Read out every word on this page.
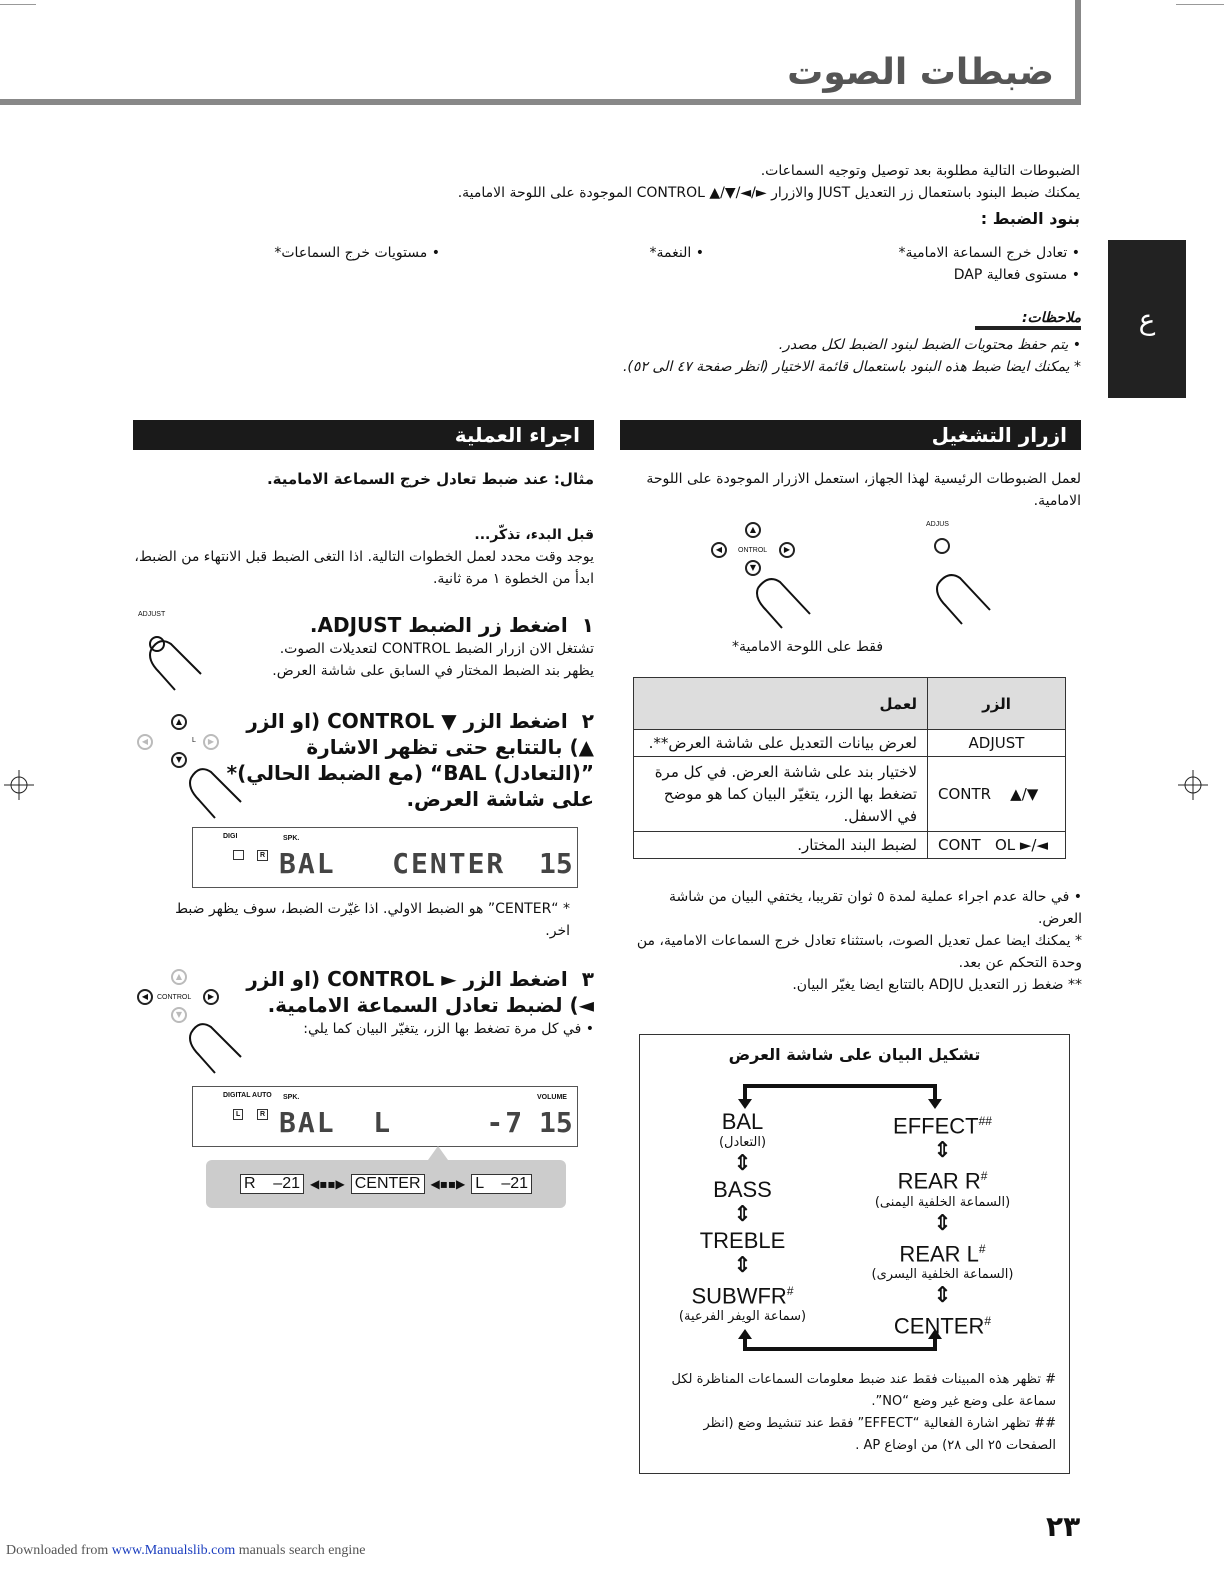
ضبطات الصوت
ع
الضبوطات التالية مطلوبة بعد توصيل وتوجيه السماعات.
يمكنك ضبط البنود باستعمال زر التعديل JUST والازرار ►/◄/▼/▲ CONTROL الموجودة على اللوحة الامامية.
بنود الضبط :
• تعادل خرج السماعة الامامية*
• مستوى فعالية DAP
• النغمة*
• مستويات خرج السماعات*
ملاحظات:
• يتم حفظ محتويات الضبط لبنود الضبط لكل مصدر.
* يمكنك ايضا ضبط هذه البنود باستعمال قائمة الاختيار (انظر صفحة ٤٧ الى ٥٢).
ازرار التشغيل
لعمل الضبوطات الرئيسية لهذا الجهاز، استعمل الازرار الموجودة على اللوحة الامامية.
▲
◀	ONTROL	▶
▼
ADJUS
فقط على اللوحة الامامية*
الزر	لعمل
ADJUST	لعرض بيانات التعديل على شاشة العرض**.
CONTR    ▲/▼	لاختيار بند على شاشة العرض. في كل مرة تضغط بها الزر، يتغيّر البيان كما هو موضح في الاسفل.
CONT   OL ►/◄	لضبط البند المختار.
• في حالة عدم اجراء عملية لمدة ٥ ثوان تقريبا، يختفي البيان من شاشة العرض.
* يمكنك ايضا عمل تعديل الصوت، باستثناء تعادل خرج السماعات الامامية، من وحدة التحكم عن بعد.
** ضغط زر التعديل ADJU بالتتابع ايضا يغيّر البيان.
تشكيل البيان على شاشة العرض
BAL
(التعادل)
⇕
BASS
⇕
TREBLE
⇕
SUBWFR#
(سماعة الويفر الفرعية)
EFFECT##
⇕
REAR R#
(السماعة الخلفية اليمنى)
⇕
REAR L#
(السماعة الخلفية اليسرى)
⇕
CENTER#
# تظهر هذه المبينات فقط عند ضبط معلومات السماعات المناظرة لكل سماعة على وضع غير وضع “NO”.
## تظهر اشارة الفعالية “EFFECT” فقط عند تنشيط وضع (انظر الصفحات ٢٥ الى ٢٨) من اوضاع AP .
اجراء العملية
مثال: عند ضبط تعادل خرج السماعة الامامية.
قبل البدء، تذكّر...
يوجد وقت محدد لعمل الخطوات التالية. اذا التغى الضبط قبل الانتهاء من الضبط، ابدأ من الخطوة ١ مرة ثانية.
ADJUST	١اضغط زر الضبط ADJUST.
تشتغل الان ازرار الضبط CONTROL لتعديلات الصوت.
يظهر بند الضبط المختار في السابق على شاشة العرض.
▲
◀	L	▶
▼
٢اضغط الزر ▼ CONTROL (او الزر ▲) بالتتابع حتى تظهر الاشارة ”(التعادل) BAL“ (مع الضبط الحالي)* على شاشة العرض.
DIGI
R
SPK.
BAL   CENTER 15
* “CENTER” هو الضبط الاولي. اذا غيّرت الضبط، سوف يظهر ضبط اخر.
▲
◀	CONTROL	▶
▼
٣اضغط الزر ► CONTROL (او الزر ◄) لضبط تعادل السماعة الامامية.
• في كل مرة تضغط بها الزر، يتغيّر البيان كما يلي:
DIGITAL AUTO
L	R
SPK.
BAL  L     -7
VOLUME
15
R    –21 ◀▪▪▶ CENTER ◀▪▪▶ L    –21
٢٣
Downloaded from www.Manualslib.com manuals search engine
